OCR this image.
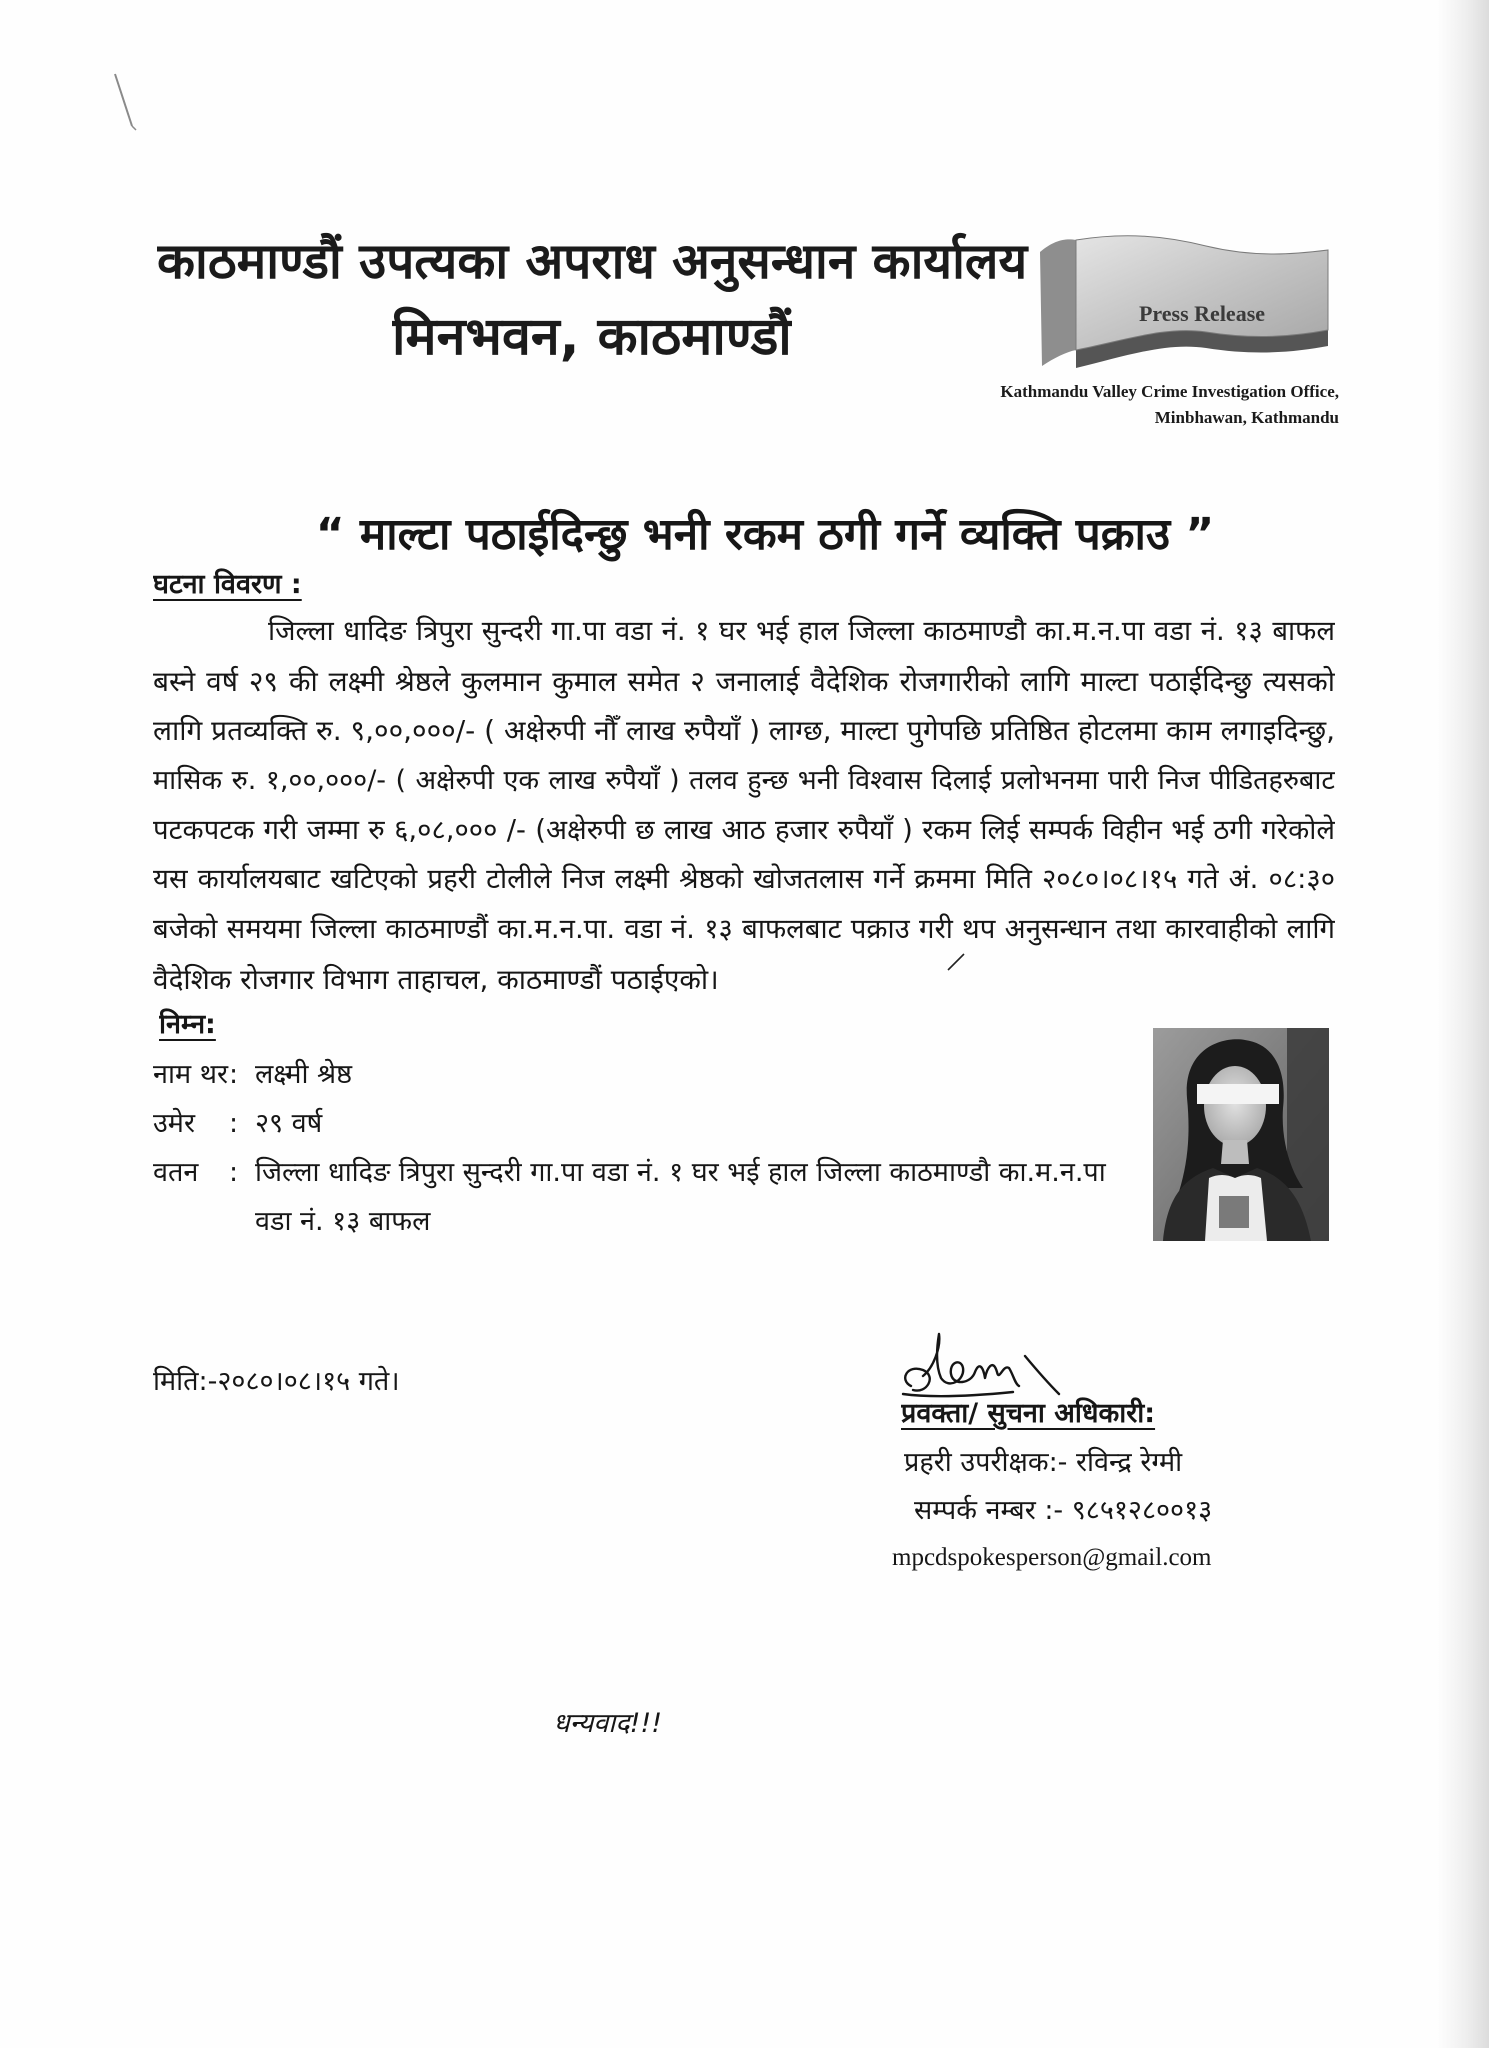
काठमाण्डौं उपत्यका अपराध अनुसन्धान कार्यालय
मिनभवन, काठमाण्डौं	Press Release
Kathmandu Valley Crime Investigation Office,
Minbhawan, Kathmandu
“ माल्टा पठाईदिन्छु भनी रकम ठगी गर्ने व्यक्ति पक्राउ ”
घटना विवरण :
जिल्ला धादिङ त्रिपुरा सुन्दरी गा.पा वडा नं. १ घर भई हाल जिल्ला काठमाण्डौ का.म.न.पा वडा नं. १३ बाफल
बस्ने वर्ष २९ की लक्ष्मी श्रेष्ठले कुलमान कुमाल समेत २ जनालाई वैदेशिक रोजगारीको लागि माल्टा पठाईदिन्छु त्यसको
लागि प्रतव्यक्ति रु. ९,००,०००/- ( अक्षेरुपी नौँ लाख रुपैयाँ ) लाग्छ, माल्टा पुगेपछि प्रतिष्ठित होटलमा काम लगाइदिन्छु,
मासिक रु. १,००,०००/- ( अक्षेरुपी एक लाख रुपैयाँ ) तलव हुन्छ भनी विश्वास दिलाई प्रलोभनमा पारी निज पीडितहरुबाट
पटकपटक गरी जम्मा रु ६,०८,००० /- (अक्षेरुपी छ लाख आठ हजार रुपैयाँ ) रकम लिई सम्पर्क विहीन भई ठगी गरेकोले
यस कार्यालयबाट खटिएको प्रहरी टोलीले निज लक्ष्मी श्रेष्ठको खोजतलास गर्ने क्रममा मिति २०८०।०८।१५ गते अं. ०८:३०
बजेको समयमा जिल्ला काठमाण्डौं का.म.न.पा. वडा नं. १३ बाफलबाट पक्राउ गरी थप अनुसन्धान तथा कारवाहीको लागि
वैदेशिक रोजगार विभाग ताहाचल, काठमाण्डौं पठाईएको।
निम्न:
नाम थर : लक्ष्मी श्रेष्ठ
उमेर : २९ वर्ष
वतन : जिल्ला धादिङ त्रिपुरा सुन्दरी गा.पा वडा नं. १ घर भई हाल जिल्ला काठमाण्डौ का.म.न.पा
वडा नं. १३ बाफल
मिति:-२०८०।०८।१५ गते।
प्रवक्ता/ सुचना अधिकारी:
प्रहरी उपरीक्षक:- रविन्द्र रेग्मी
सम्पर्क नम्बर :- ९८५१२८००१३
mpcdspokesperson@gmail.com
धन्यवाद!!!
